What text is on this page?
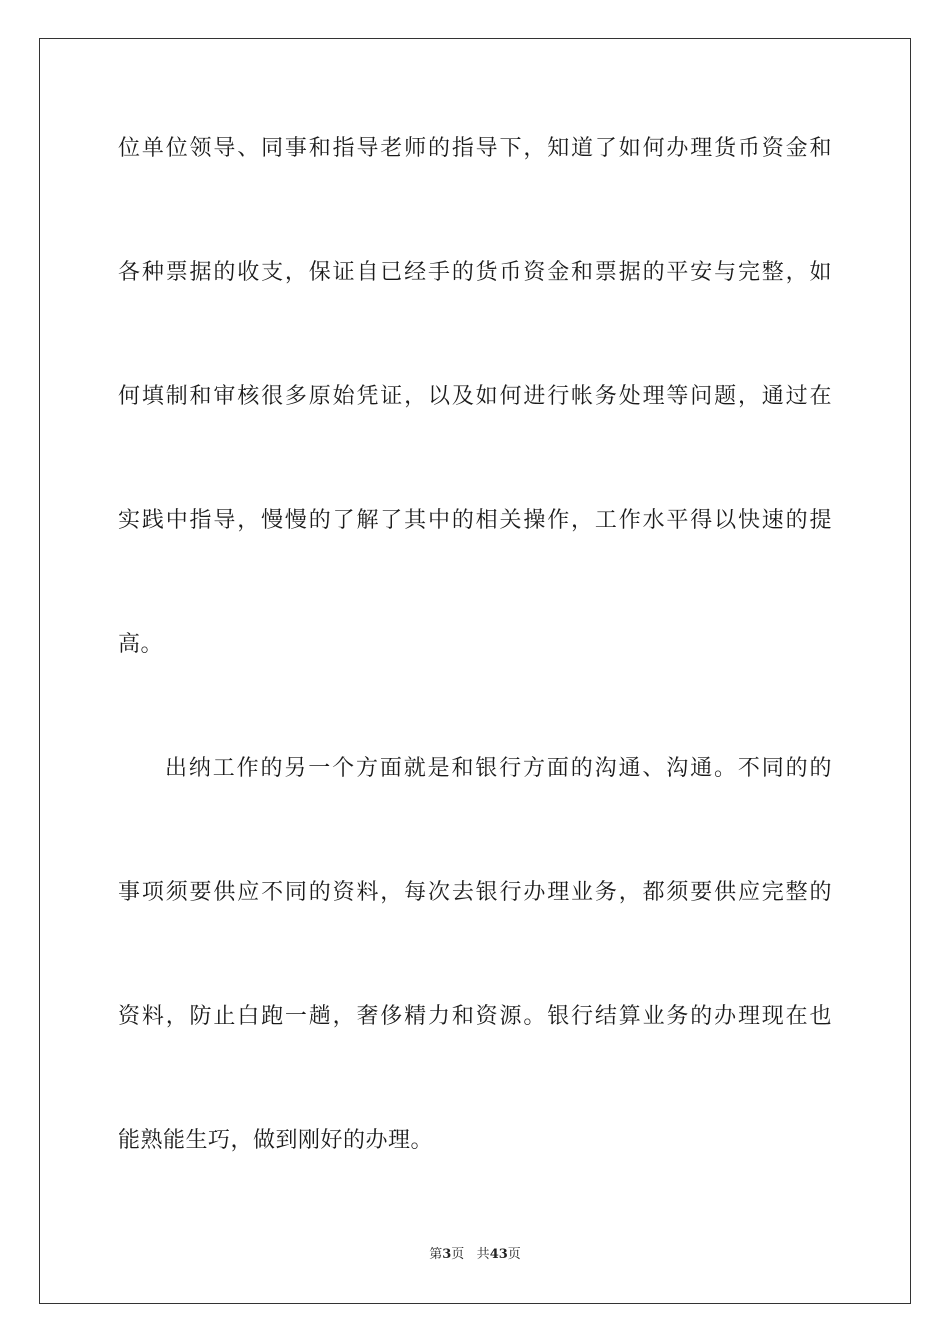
位单位领导、同事和指导老师的指导下，知道了如何办理货币资金和
各种票据的收支，保证自已经手的货币资金和票据的平安与完整，如
何填制和审核很多原始凭证，以及如何进行帐务处理等问题，通过在
实践中指导，慢慢的了解了其中的相关操作，工作水平得以快速的提
高。
出纳工作的另一个方面就是和银行方面的沟通、沟通。不同的的
事项须要供应不同的资料，每次去银行办理业务，都须要供应完整的
资料，防止白跑一趟，奢侈精力和资源。银行结算业务的办理现在也
能熟能生巧，做到刚好的办理。
第3页 共43页
